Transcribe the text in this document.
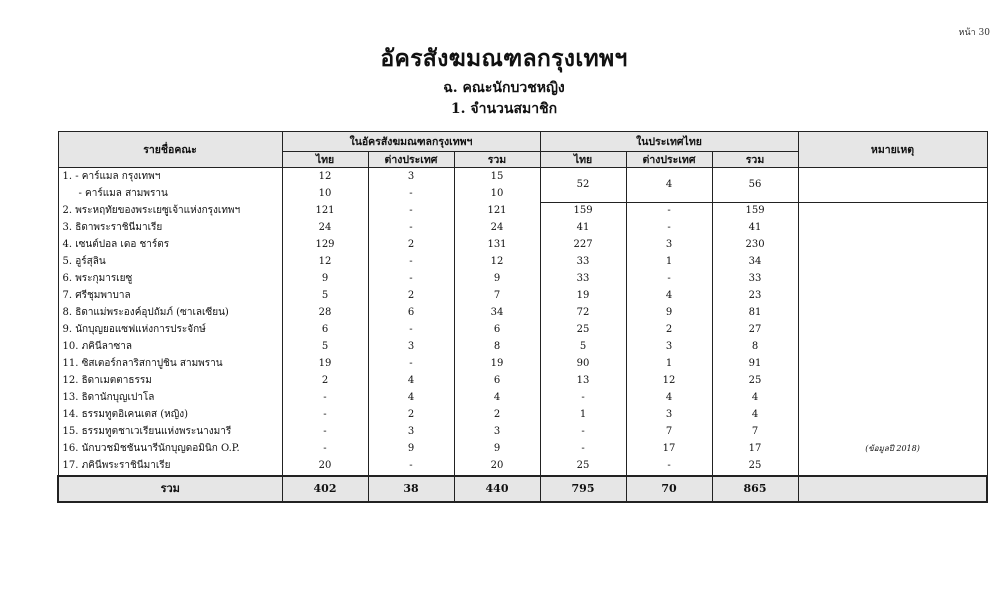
หน้า 30
อัครสังฆมณฑลกรุงเทพฯ
ฉ. คณะนักบวชหญิง
1. จำนวนสมาชิก
รายชื่อคณะ	ในอัครสังฆมณฑลกรุงเทพฯ			ในประเทศไทย			หมายเหตุ
	ไทย	ต่างประเทศ	รวม	ไทย	ต่างประเทศ	รวม	
1. - คาร์แมล กรุงเทพฯ	12	3	15	52	4	56	
- คาร์แมล สามพราน	10	-	10				
2. พระหฤทัยของพระเยซูเจ้าแห่งกรุงเทพฯ	121	-	121	159	-	159	
3. ธิดาพระราชินีมาเรีย	24	-	24	41	-	41	
4. เซนต์ปอล เดอ ชาร์ตร	129	2	131	227	3	230	
5. อูร์สุลิน	12	-	12	33	1	34	
6. พระกุมารเยซู	9	-	9	33	-	33	
7. ศรีชุมพาบาล	5	2	7	19	4	23	
8. ธิดาแม่พระองค์อุปถัมภ์ (ซาเลเซียน)	28	6	34	72	9	81	
9. นักบุญยอแซฟแห่งการประจักษ์	6	-	6	25	2	27	
10. ภคินีลาซาล	5	3	8	5	3	8	
11. ซิสเตอร์กลาริสกาปูชิน สามพราน	19	-	19	90	1	91	
12. ธิดาเมตตาธรรม	2	4	6	13	12	25	
13. ธิดานักบุญเปาโล	-	4	4	-	4	4	
14. ธรรมทูตอิเคนเตส (หญิง)	-	2	2	1	3	4	
15. ธรรมทูตชาเวเรียนแห่งพระนางมารี	-	3	3	-	7	7	
16. นักบวชมิชชันนารีนักบุญดอมินิก O.P.	-	9	9	-	17	17	(ข้อมูลปี 2018)
17. ภคินีพระราชินีมาเรีย	20	-	20	25	-	25	
รวม	402	38	440	795	70	865	
